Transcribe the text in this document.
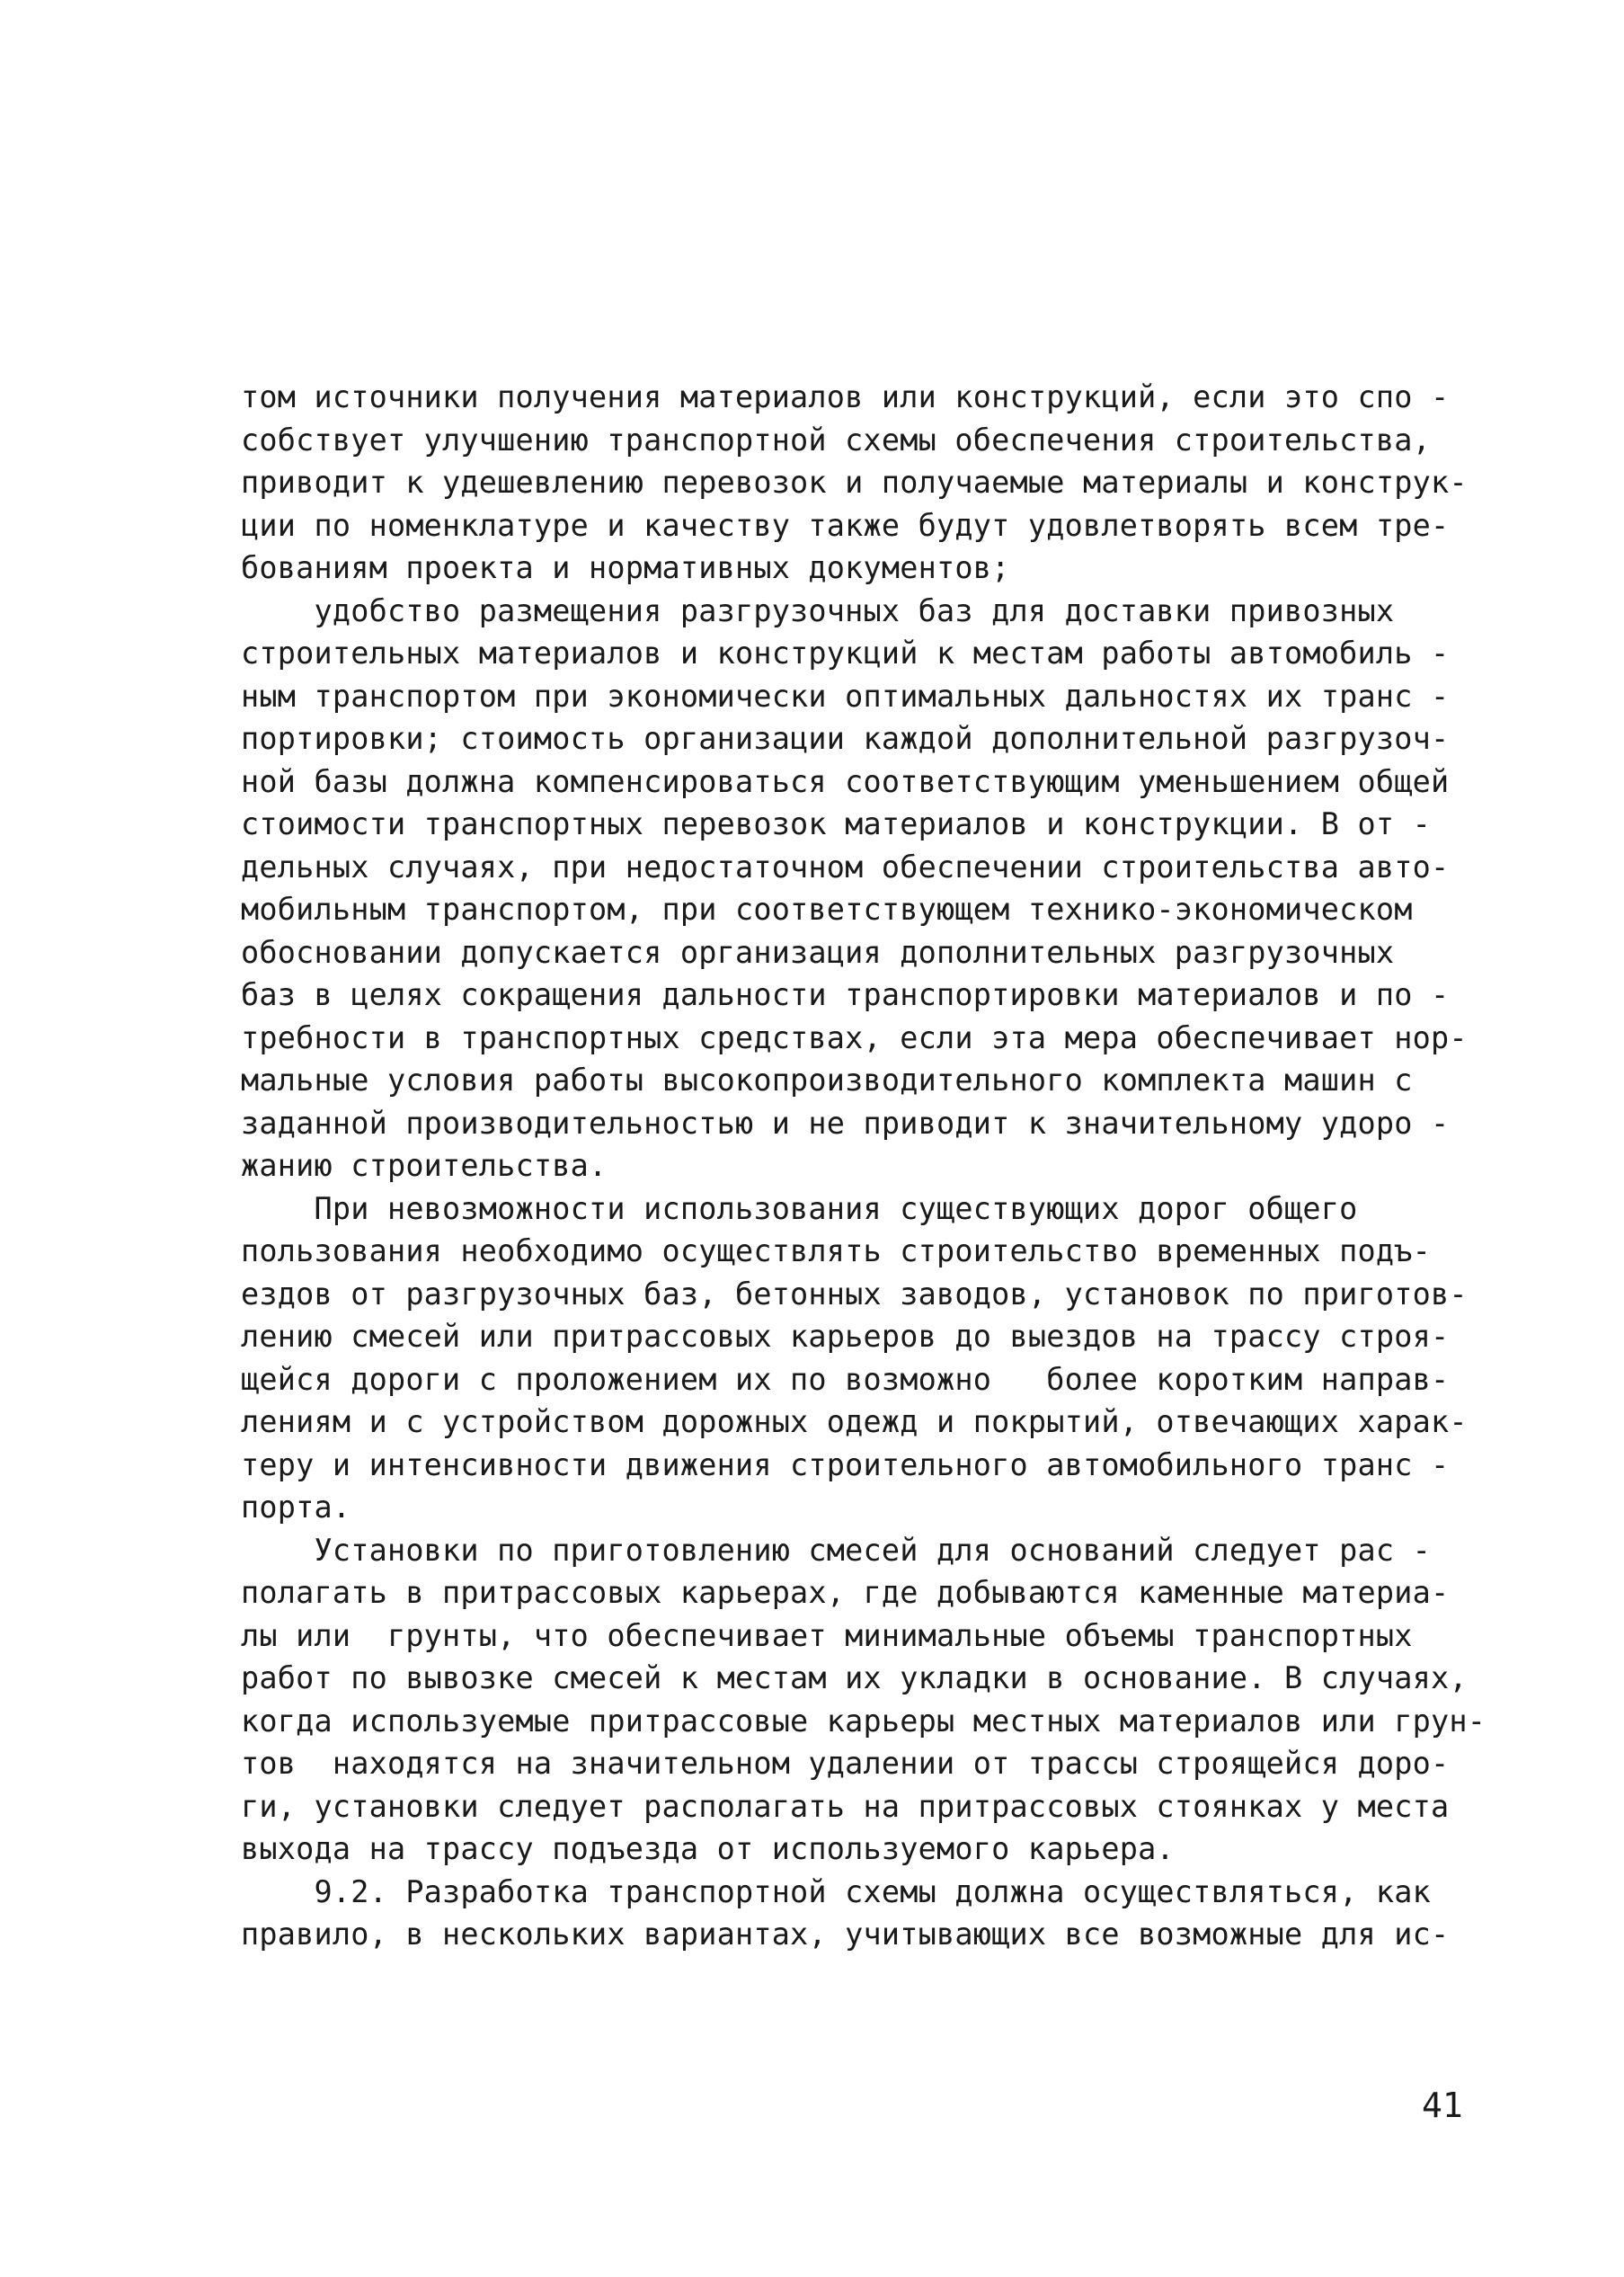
том источники получения материалов или конструкций, если это спо -
собствует улучшению транспортной схемы обеспечения строительства,
приводит к удешевлению перевозок и получаемые материалы и конструк-
ции по номенклатуре и качеству также будут удовлетворять всем тре-
бованиям проекта и нормативных документов;
удобство размещения разгрузочных баз для доставки привозных
строительных материалов и конструкций к местам работы автомобиль -
ным транспортом при экономически оптимальных дальностях их транс -
портировки; стоимость организации каждой дополнительной разгрузоч-
ной базы должна компенсироваться соответствующим уменьшением общей
стоимости транспортных перевозок материалов и конструкции. В от -
дельных случаях, при недостаточном обеспечении строительства авто-
мобильным транспортом, при соответствующем технико-экономическом
обосновании допускается организация дополнительных разгрузочных
баз в целях сокращения дальности транспортировки материалов и по -
требности в транспортных средствах, если эта мера обеспечивает нор-
мальные условия работы высокопроизводительного комплекта машин с
заданной производительностью и не приводит к значительному удоро -
жанию строительства.
При невозможности использования существующих дорог общего
пользования необходимо осуществлять строительство временных подъ-
ездов от разгрузочных баз, бетонных заводов, установок по приготов-
лению смесей или притрассовых карьеров до выездов на трассу строя-
щейся дороги с проложением их по возможно   более коротким направ-
лениям и с устройством дорожных одежд и покрытий, отвечающих харак-
теру и интенсивности движения строительного автомобильного транс -
порта.
Установки по приготовлению смесей для оснований следует рас -
полагать в притрассовых карьерах, где добываются каменные материа-
лы или  грунты, что обеспечивает минимальные объемы транспортных
работ по вывозке смесей к местам их укладки в основание. В случаях,
когда используемые притрассовые карьеры местных материалов или грун-
тов  находятся на значительном удалении от трассы строящейся доро-
ги, установки следует располагать на притрассовых стоянках у места
выхода на трассу подъезда от используемого карьера.
9.2. Разработка транспортной схемы должна осуществляться, как
правило, в нескольких вариантах, учитывающих все возможные для ис-
41
